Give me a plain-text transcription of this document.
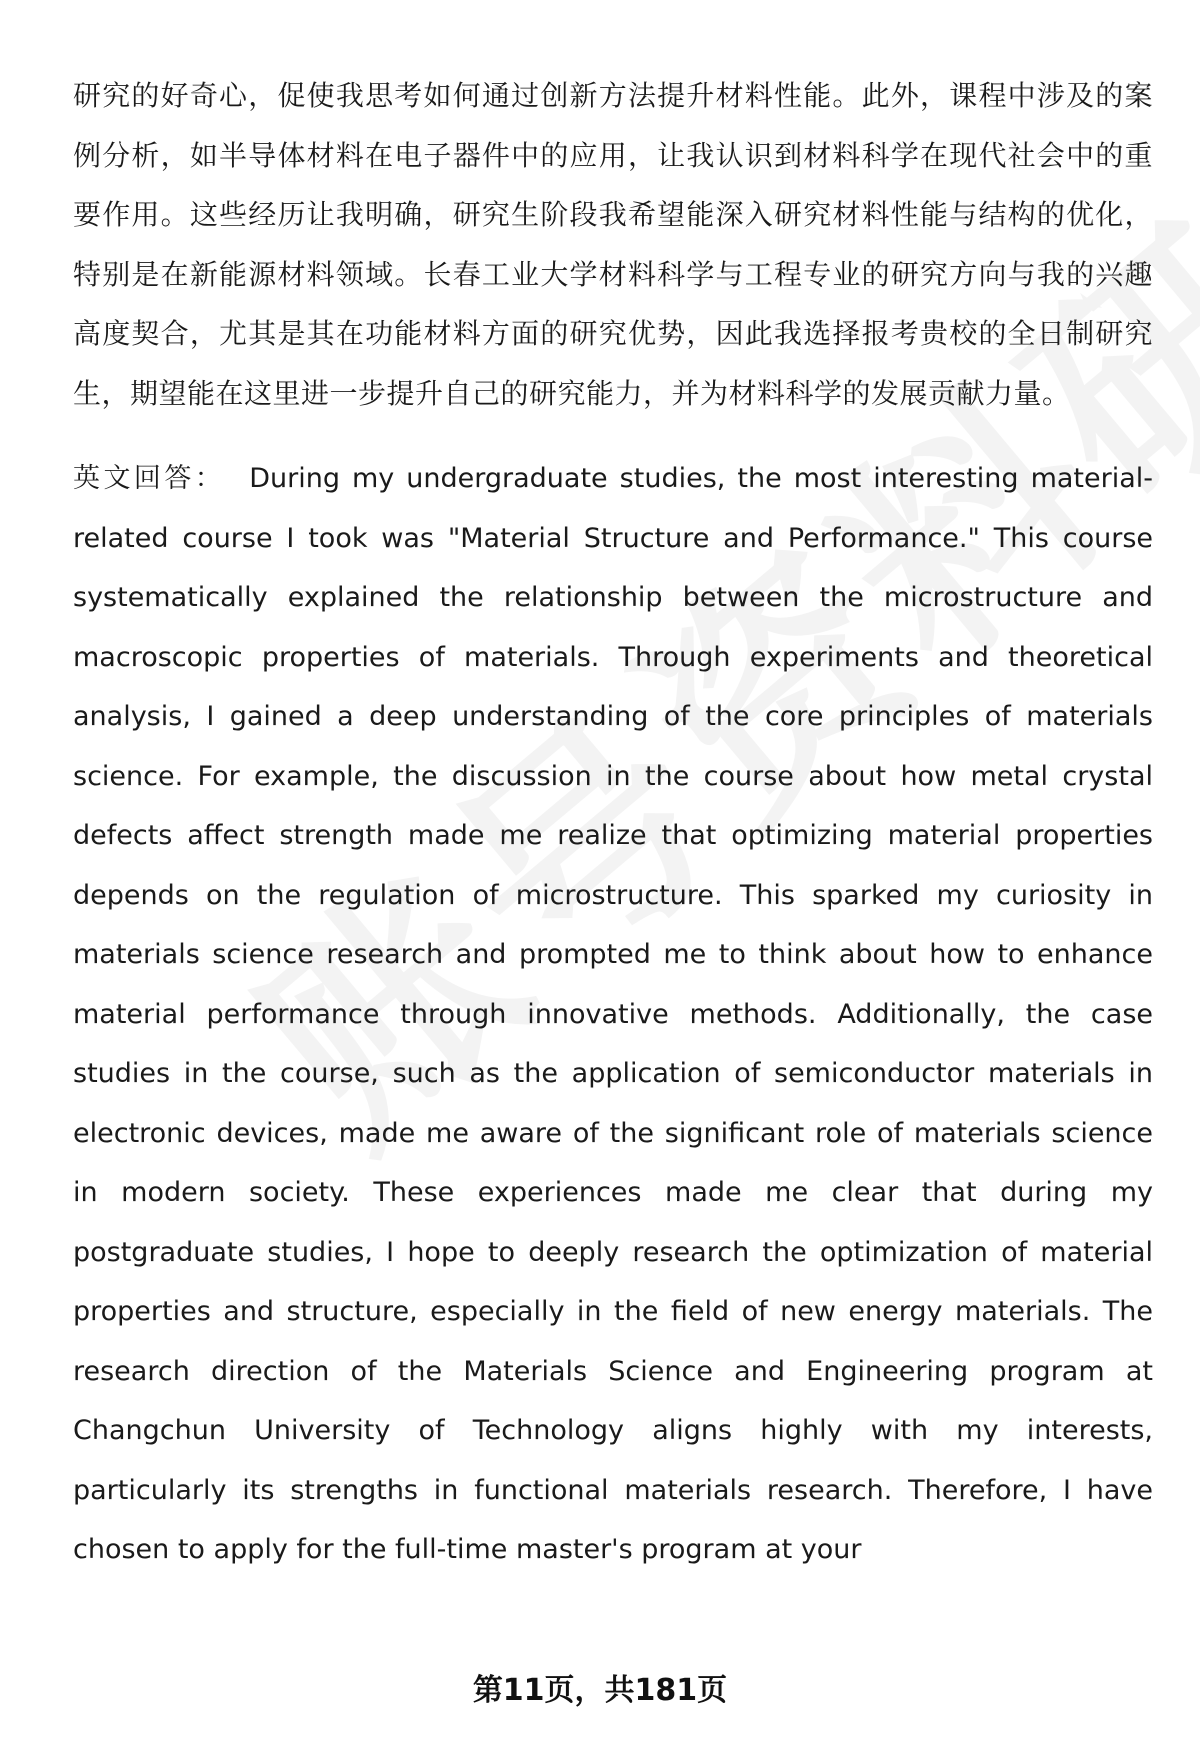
研究的好奇心，促使我思考如何通过创新方法提升材料性能。此外，课程中涉及的案例分析，如半导体材料在电子器件中的应用，让我认识到材料科学在现代社会中的重要作用。这些经历让我明确，研究生阶段我希望能深入研究材料性能与结构的优化，特别是在新能源材料领域。长春工业大学材料科学与工程专业的研究方向与我的兴趣高度契合，尤其是其在功能材料方面的研究优势，因此我选择报考贵校的全日制研究生，期望能在这里进一步提升自己的研究能力，并为材料科学的发展贡献力量。

英文回答： During my undergraduate studies, the most interesting material-related course I took was "Material Structure and Performance." This course systematically explained the relationship between the microstructure and macroscopic properties of materials. Through experiments and theoretical analysis, I gained a deep understanding of the core principles of materials science. For example, the discussion in the course about how metal crystal defects affect strength made me realize that optimizing material properties depends on the regulation of microstructure. This sparked my curiosity in materials science research and prompted me to think about how to enhance material performance through innovative methods. Additionally, the case studies in the course, such as the application of semiconductor materials in electronic devices, made me aware of the significant role of materials science in modern society. These experiences made me clear that during my postgraduate studies, I hope to deeply research the optimization of material properties and structure, especially in the field of new energy materials. The research direction of the Materials Science and Engineering program at Changchun University of Technology aligns highly with my interests, particularly its strengths in functional materials research. Therefore, I have chosen to apply for the full-time master's program at your

第11页，共181页
